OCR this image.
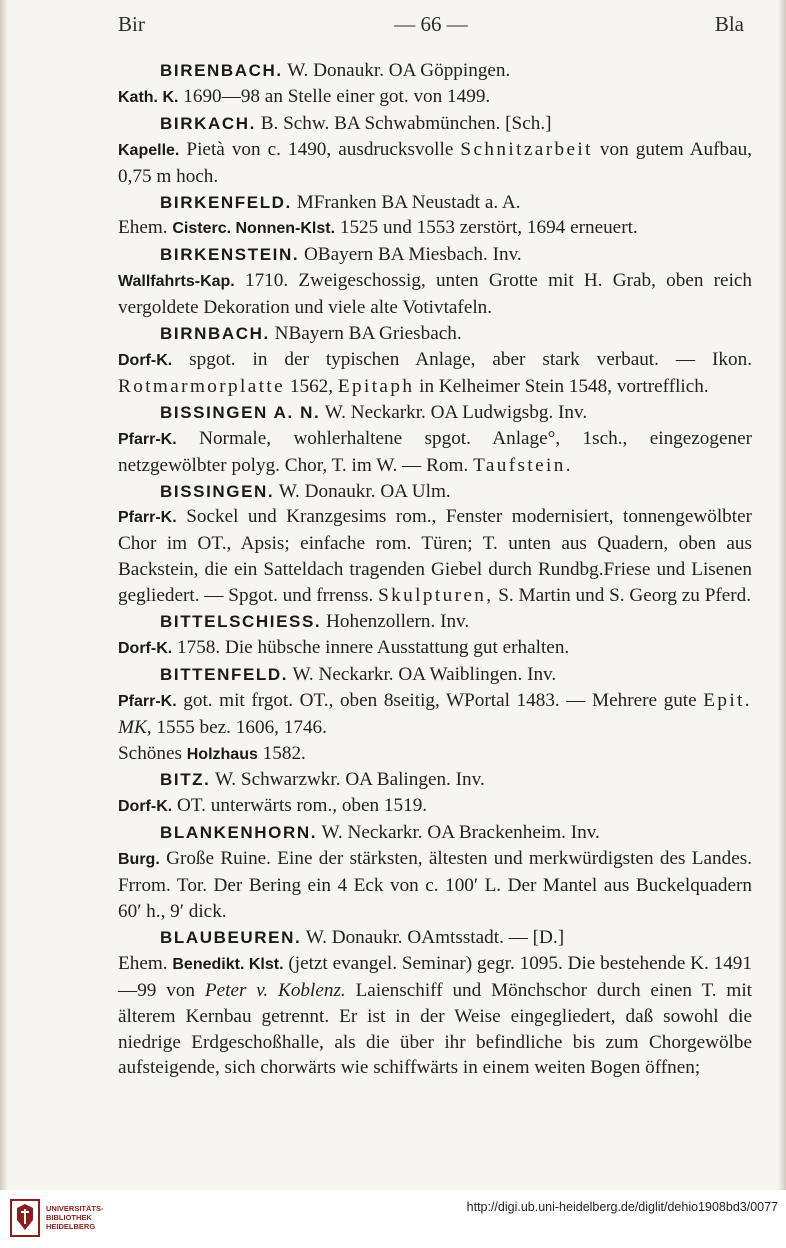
Bir	— 66 —	Bla
BIRENBACH. W. Donaukr. OA Göppingen.
Kath. K. 1690—98 an Stelle einer got. von 1499.
BIRKACH. B. Schw. BA Schwabmünchen. [Sch.]
Kapelle. Pietà von c. 1490, ausdrucksvolle Schnitzarbeit von gutem Aufbau, 0,75 m hoch.
BIRKENFELD. MFranken BA Neustadt a. A.
Ehem. Cisterc. Nonnen-Klst. 1525 und 1553 zerstört, 1694 erneuert.
BIRKENSTEIN. OBayern BA Miesbach. Inv.
Wallfahrts-Kap. 1710. Zweigeschossig, unten Grotte mit H. Grab, oben reich vergoldete Dekoration und viele alte Votivtafeln.
BIRNBACH. NBayern BA Griesbach.
Dorf-K. spgot. in der typischen Anlage, aber stark verbaut. — Ikon. Rotmarmorplatte 1562, Epitaph in Kelheimer Stein 1548, vortrefflich.
BISSINGEN A. N. W. Neckarkr. OA Ludwigsbg. Inv.
Pfarr-K. Normale, wohlerhaltene spgot. Anlage°, 1sch., eingezogener netzgewölbter polyg. Chor, T. im W. — Rom. Taufstein.
BISSINGEN. W. Donaukr. OA Ulm.
Pfarr-K. Sockel und Kranzgesims rom., Fenster modernisiert, tonnengewölbter Chor im OT., Apsis; einfache rom. Türen; T. unten aus Quadern, oben aus Backstein, die ein Satteldach tragenden Giebel durch Rundbg.Friese und Lisenen gegliedert. — Spgot. und frrenss. Skulpturen, S. Martin und S. Georg zu Pferd.
BITTELSCHIESS. Hohenzollern. Inv.
Dorf-K. 1758. Die hübsche innere Ausstattung gut erhalten.
BITTENFELD. W. Neckarkr. OA Waiblingen. Inv.
Pfarr-K. got. mit frgot. OT., oben 8seitig, WPortal 1483. — Mehrere gute Epit. MK, 1555 bez. 1606, 1746.
Schönes Holzhaus 1582.
BITZ. W. Schwarzwkr. OA Balingen. Inv.
Dorf-K. OT. unterwärts rom., oben 1519.
BLANKENHORN. W. Neckarkr. OA Brackenheim. Inv.
Burg. Große Ruine. Eine der stärksten, ältesten und merkwürdigsten des Landes. Frrom. Tor. Der Bering ein 4 Eck von c. 100′ L. Der Mantel aus Buckelquadern 60′ h., 9′ dick.
BLAUBEUREN. W. Donaukr. OAmtsstadt. — [D.]
Ehem. Benedikt. Klst. (jetzt evangel. Seminar) gegr. 1095. Die bestehende K. 1491—99 von Peter v. Koblenz. Laienschiff und Mönchschor durch einen T. mit älterem Kernbau getrennt. Er ist in der Weise eingegliedert, daß sowohl die niedrige Erdgeschoßhalle, als die über ihr befindliche bis zum Chorgewölbe aufsteigende, sich chorwärts wie schiffwärts in einem weiten Bogen öffnen;
UNIVERSITÄTS-
BIBLIOTHEK
HEIDELBERG
http://digi.ub.uni-heidelberg.de/diglit/dehio1908bd3/0077
